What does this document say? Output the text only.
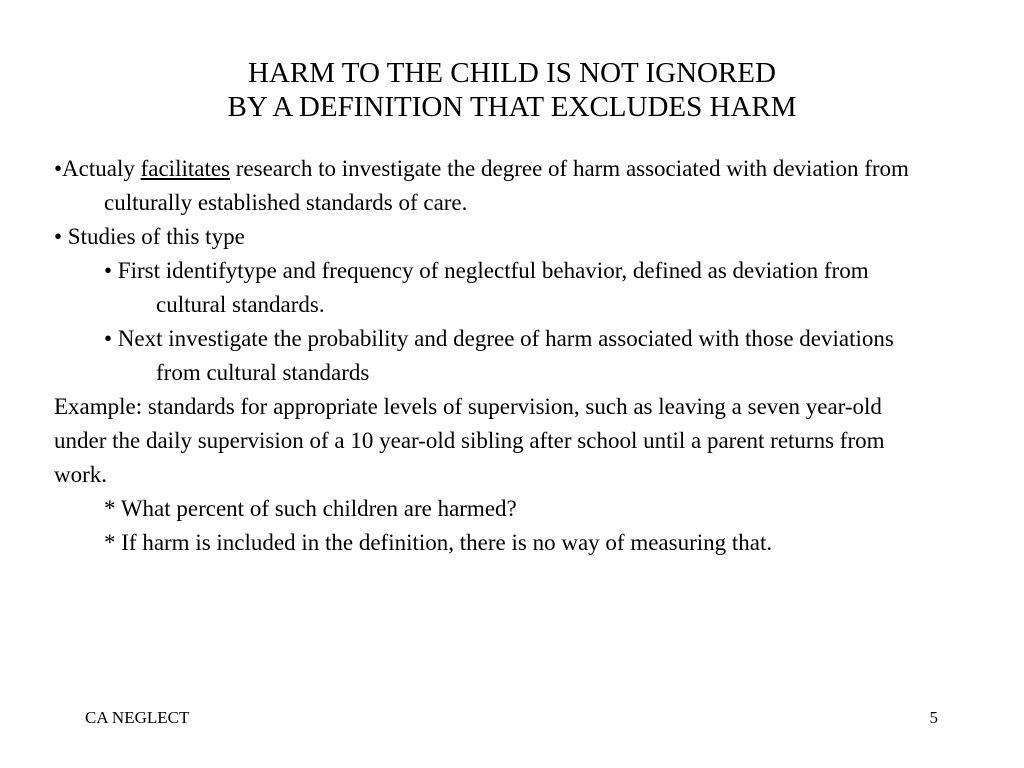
HARM TO THE CHILD IS NOT IGNORED
BY A DEFINITION THAT EXCLUDES HARM

•Actualy facilitates research to investigate the degree of harm associated with deviation from culturally established standards of care.

• Studies of this type

• First identifytype and frequency of neglectful behavior, defined as deviation from cultural standards.

• Next investigate the probability and degree of harm associated with those deviations from cultural standards

Example: standards for appropriate levels of supervision, such as leaving a seven year-old under the daily supervision of a 10 year-old sibling after school until a parent returns from work.

* What percent of such children are harmed?

* If harm is included in the definition, there is no way of measuring that.

CA NEGLECT	5
